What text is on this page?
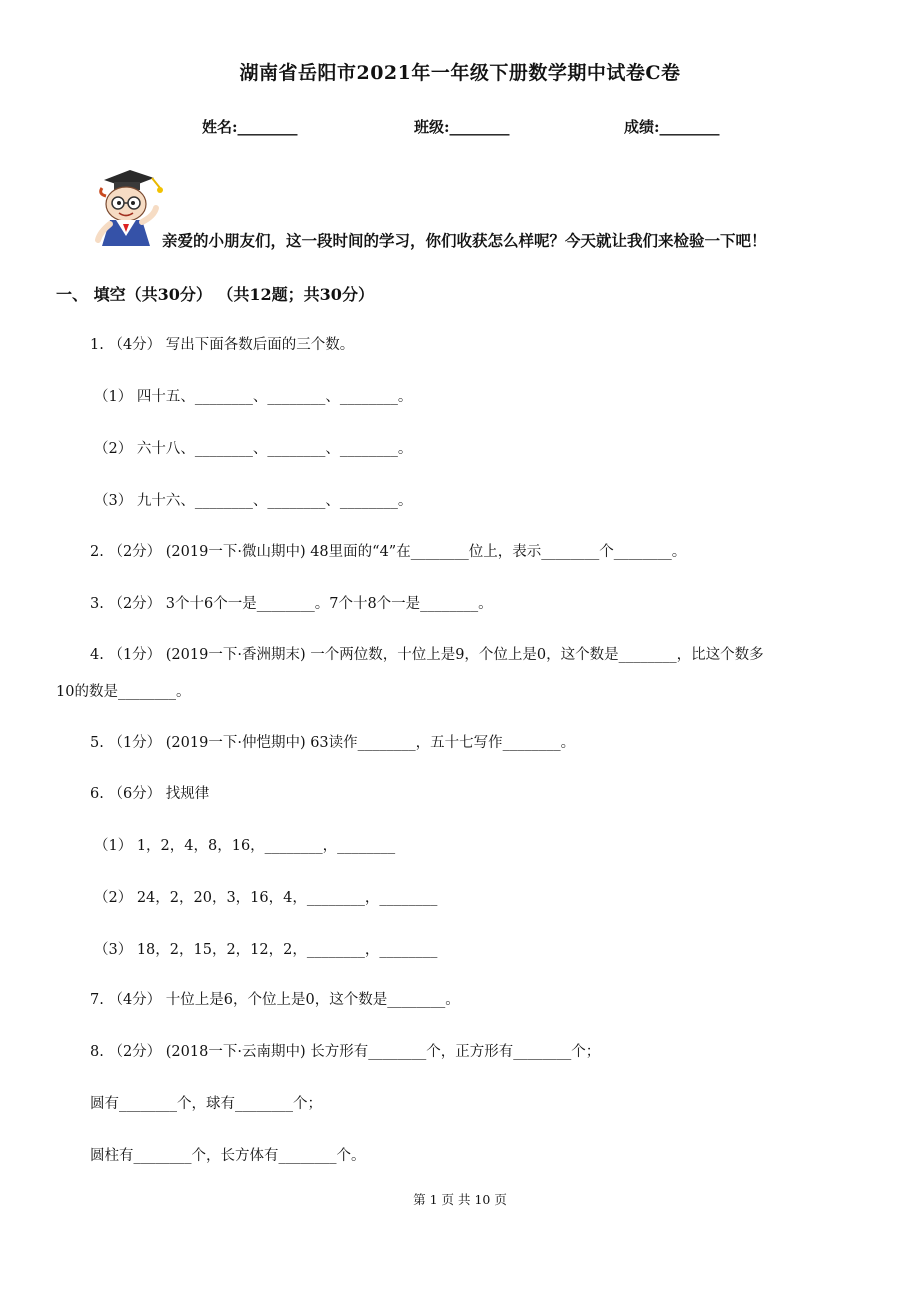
湖南省岳阳市2021年一年级下册数学期中试卷C卷
姓名:________	班级:________	成绩:________
亲爱的小朋友们，这一段时间的学习，你们收获怎么样呢？今天就让我们来检验一下吧！
一、 填空（共30分） （共12题；共30分）
1. （4分） 写出下面各数后面的三个数。
（1） 四十五、________、________、________。
（2） 六十八、________、________、________。
（3） 九十六、________、________、________。
2. （2分） (2019一下·微山期中) 48里面的“4”在________位上，表示________个________。
3. （2分） 3个十6个一是________。7个十8个一是________。
4. （1分） (2019一下·香洲期末) 一个两位数，十位上是9，个位上是0，这个数是________，比这个数多
10的数是________。
5. （1分） (2019一下·仲恺期中) 63读作________，五十七写作________。
6. （6分） 找规律
（1） 1，2，4，8，16，________，________
（2） 24，2，20，3，16，4，________，________
（3） 18，2，15，2，12，2，________，________
7. （4分） 十位上是6，个位上是0，这个数是________。
8. （2分） (2018一下·云南期中) 长方形有________个，正方形有________个；
圆有________个，球有________个；
圆柱有________个，长方体有________个。
第 1 页 共 10 页
